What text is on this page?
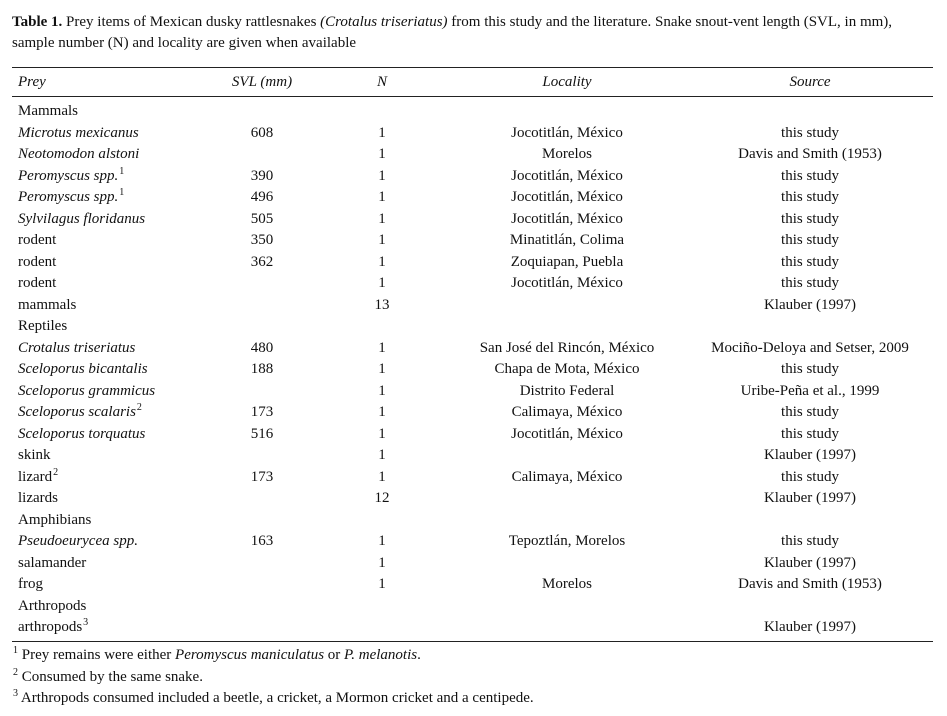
Table 1. Prey items of Mexican dusky rattlesnakes (Crotalus triseriatus) from this study and the literature. Snake snout-vent length (SVL, in mm), sample number (N) and locality are given when available

Prey	SVL (mm)	N	Locality	Source
Mammals				
Microtus mexicanus	608	1	Jocotitlán, México	this study
Neotomodon alstoni		1	Morelos	Davis and Smith (1953)
Peromyscus spp.$^1$	390	1	Jocotitlán, México	this study
Peromyscus spp.$^1$	496	1	Jocotitlán, México	this study
Sylvilagus floridanus	505	1	Jocotitlán, México	this study
rodent	350	1	Minatitlán, Colima	this study
rodent	362	1	Zoquiapan, Puebla	this study
rodent		1	Jocotitlán, México	this study
mammals		13		Klauber (1997)
Reptiles				
Crotalus triseriatus	480	1	San José del Rincón, México	Mociño-Deloya and Setser, 2009
Sceloporus bicantalis	188	1	Chapa de Mota, México	this study
Sceloporus grammicus		1	Distrito Federal	Uribe-Peña et al., 1999
Sceloporus scalaris$^2$	173	1	Calimaya, México	this study
Sceloporus torquatus	516	1	Jocotitlán, México	this study
skink		1		Klauber (1997)
lizard$^2$	173	1	Calimaya, México	this study
lizards		12		Klauber (1997)
Amphibians				
Pseudoeurycea spp.	163	1	Tepoztlán, Morelos	this study
salamander		1		Klauber (1997)
frog		1	Morelos	Davis and Smith (1953)
Arthropods				
arthropods$^3$				Klauber (1997)

$^1$ Prey remains were either Peromyscus maniculatus or P. melanotis.

$^2$ Consumed by the same snake.

$^3$ Arthropods consumed included a beetle, a cricket, a Mormon cricket and a centipede.
